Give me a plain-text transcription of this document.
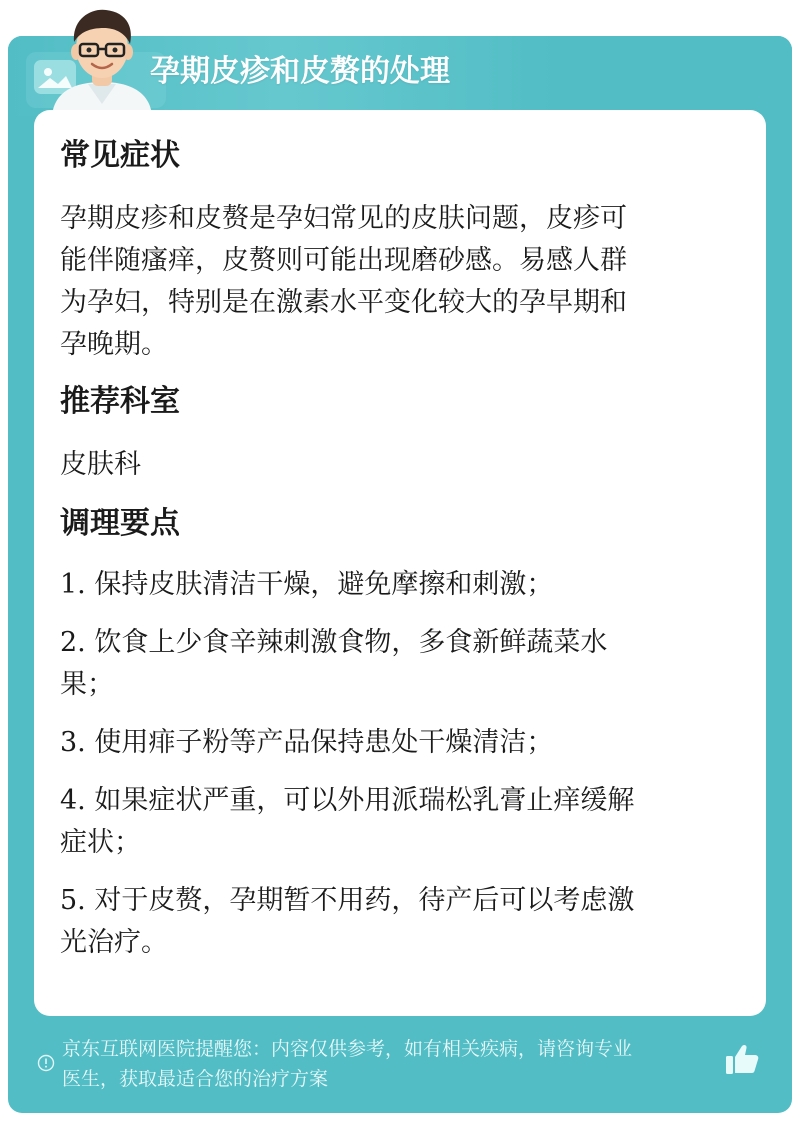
孕期皮疹和皮赘的处理

常见症状

孕期皮疹和皮赘是孕妇常见的皮肤问题，皮疹可

能伴随瘙痒，皮赘则可能出现磨砂感。易感人群

为孕妇，特别是在激素水平变化较大的孕早期和

孕晚期。

推荐科室

皮肤科

调理要点

1. 保持皮肤清洁干燥，避免摩擦和刺激；

2. 饮食上少食辛辣刺激食物，多食新鲜蔬菜水

果；

3. 使用痱子粉等产品保持患处干燥清洁；

4. 如果症状严重，可以外用派瑞松乳膏止痒缓解

症状；

5. 对于皮赘，孕期暂不用药，待产后可以考虑激

光治疗。

京东互联网医院提醒您：内容仅供参考，如有相关疾病，请咨询专业
医生，获取最适合您的治疗方案
